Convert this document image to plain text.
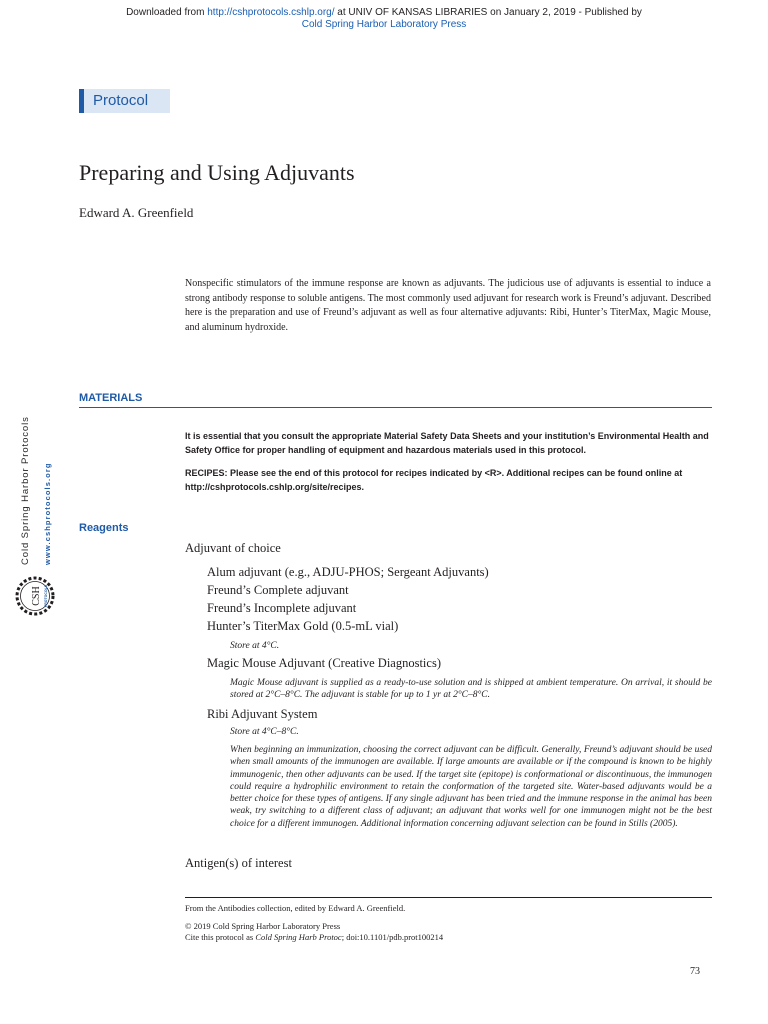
Downloaded from http://cshprotocols.cshlp.org/ at UNIV OF KANSAS LIBRARIES on January 2, 2019 - Published by
Cold Spring Harbor Laboratory Press
Protocol
Preparing and Using Adjuvants
Edward A. Greenfield

Nonspecific stimulators of the immune response are known as adjuvants. The judicious use of adjuvants is essential to induce a strong antibody response to soluble antigens. The most commonly used adjuvant for research work is Freund’s adjuvant. Described here is the preparation and use of Freund’s adjuvant as well as four alternative adjuvants: Ribi, Hunter’s TiterMax, Magic Mouse, and aluminum hydroxide.

MATERIALS

It is essential that you consult the appropriate Material Safety Data Sheets and your institution’s Environmental Health and Safety Office for proper handling of equipment and hazardous materials used in this protocol.

RECIPES: Please see the end of this protocol for recipes indicated by <R>. Additional recipes can be found online at http://cshprotocols.cshlp.org/site/recipes.

Reagents
Adjuvant of choice
Alum adjuvant (e.g., ADJU-PHOS; Sergeant Adjuvants)
Freund’s Complete adjuvant
Freund’s Incomplete adjuvant
Hunter’s TiterMax Gold (0.5-mL vial)

Store at 4°C.

Magic Mouse Adjuvant (Creative Diagnostics)

Magic Mouse adjuvant is supplied as a ready-to-use solution and is shipped at ambient temperature. On arrival, it should be stored at 2°C–8°C. The adjuvant is stable for up to 1 yr at 2°C–8°C.

Ribi Adjuvant System

Store at 4°C–8°C.

When beginning an immunization, choosing the correct adjuvant can be difficult. Generally, Freund’s adjuvant should be used when small amounts of the immunogen are available. If large amounts are available or if the compound is known to be highly immunogenic, then other adjuvants can be used. If the target site (epitope) is conformational or discontinuous, the immunogen could require a hydrophilic environment to retain the conformation of the targeted site. Water-based adjuvants would be a better choice for these types of antigens. If any single adjuvant has been tried and the immune response in the animal has been weak, try switching to a different class of adjuvant; an adjuvant that works well for one immunogen might not be the best choice for a different immunogen. Additional information concerning adjuvant selection can be found in Stills (2005).

Antigen(s) of interest
From the Antibodies collection, edited by Edward A. Greenfield.
© 2019 Cold Spring Harbor Laboratory Press
Cite this protocol as Cold Spring Harb Protoc; doi:10.1101/pdb.prot100214
73
Cold Spring Harbor Protocols www.cshprotocols.org
CSH PROTOCOLS
